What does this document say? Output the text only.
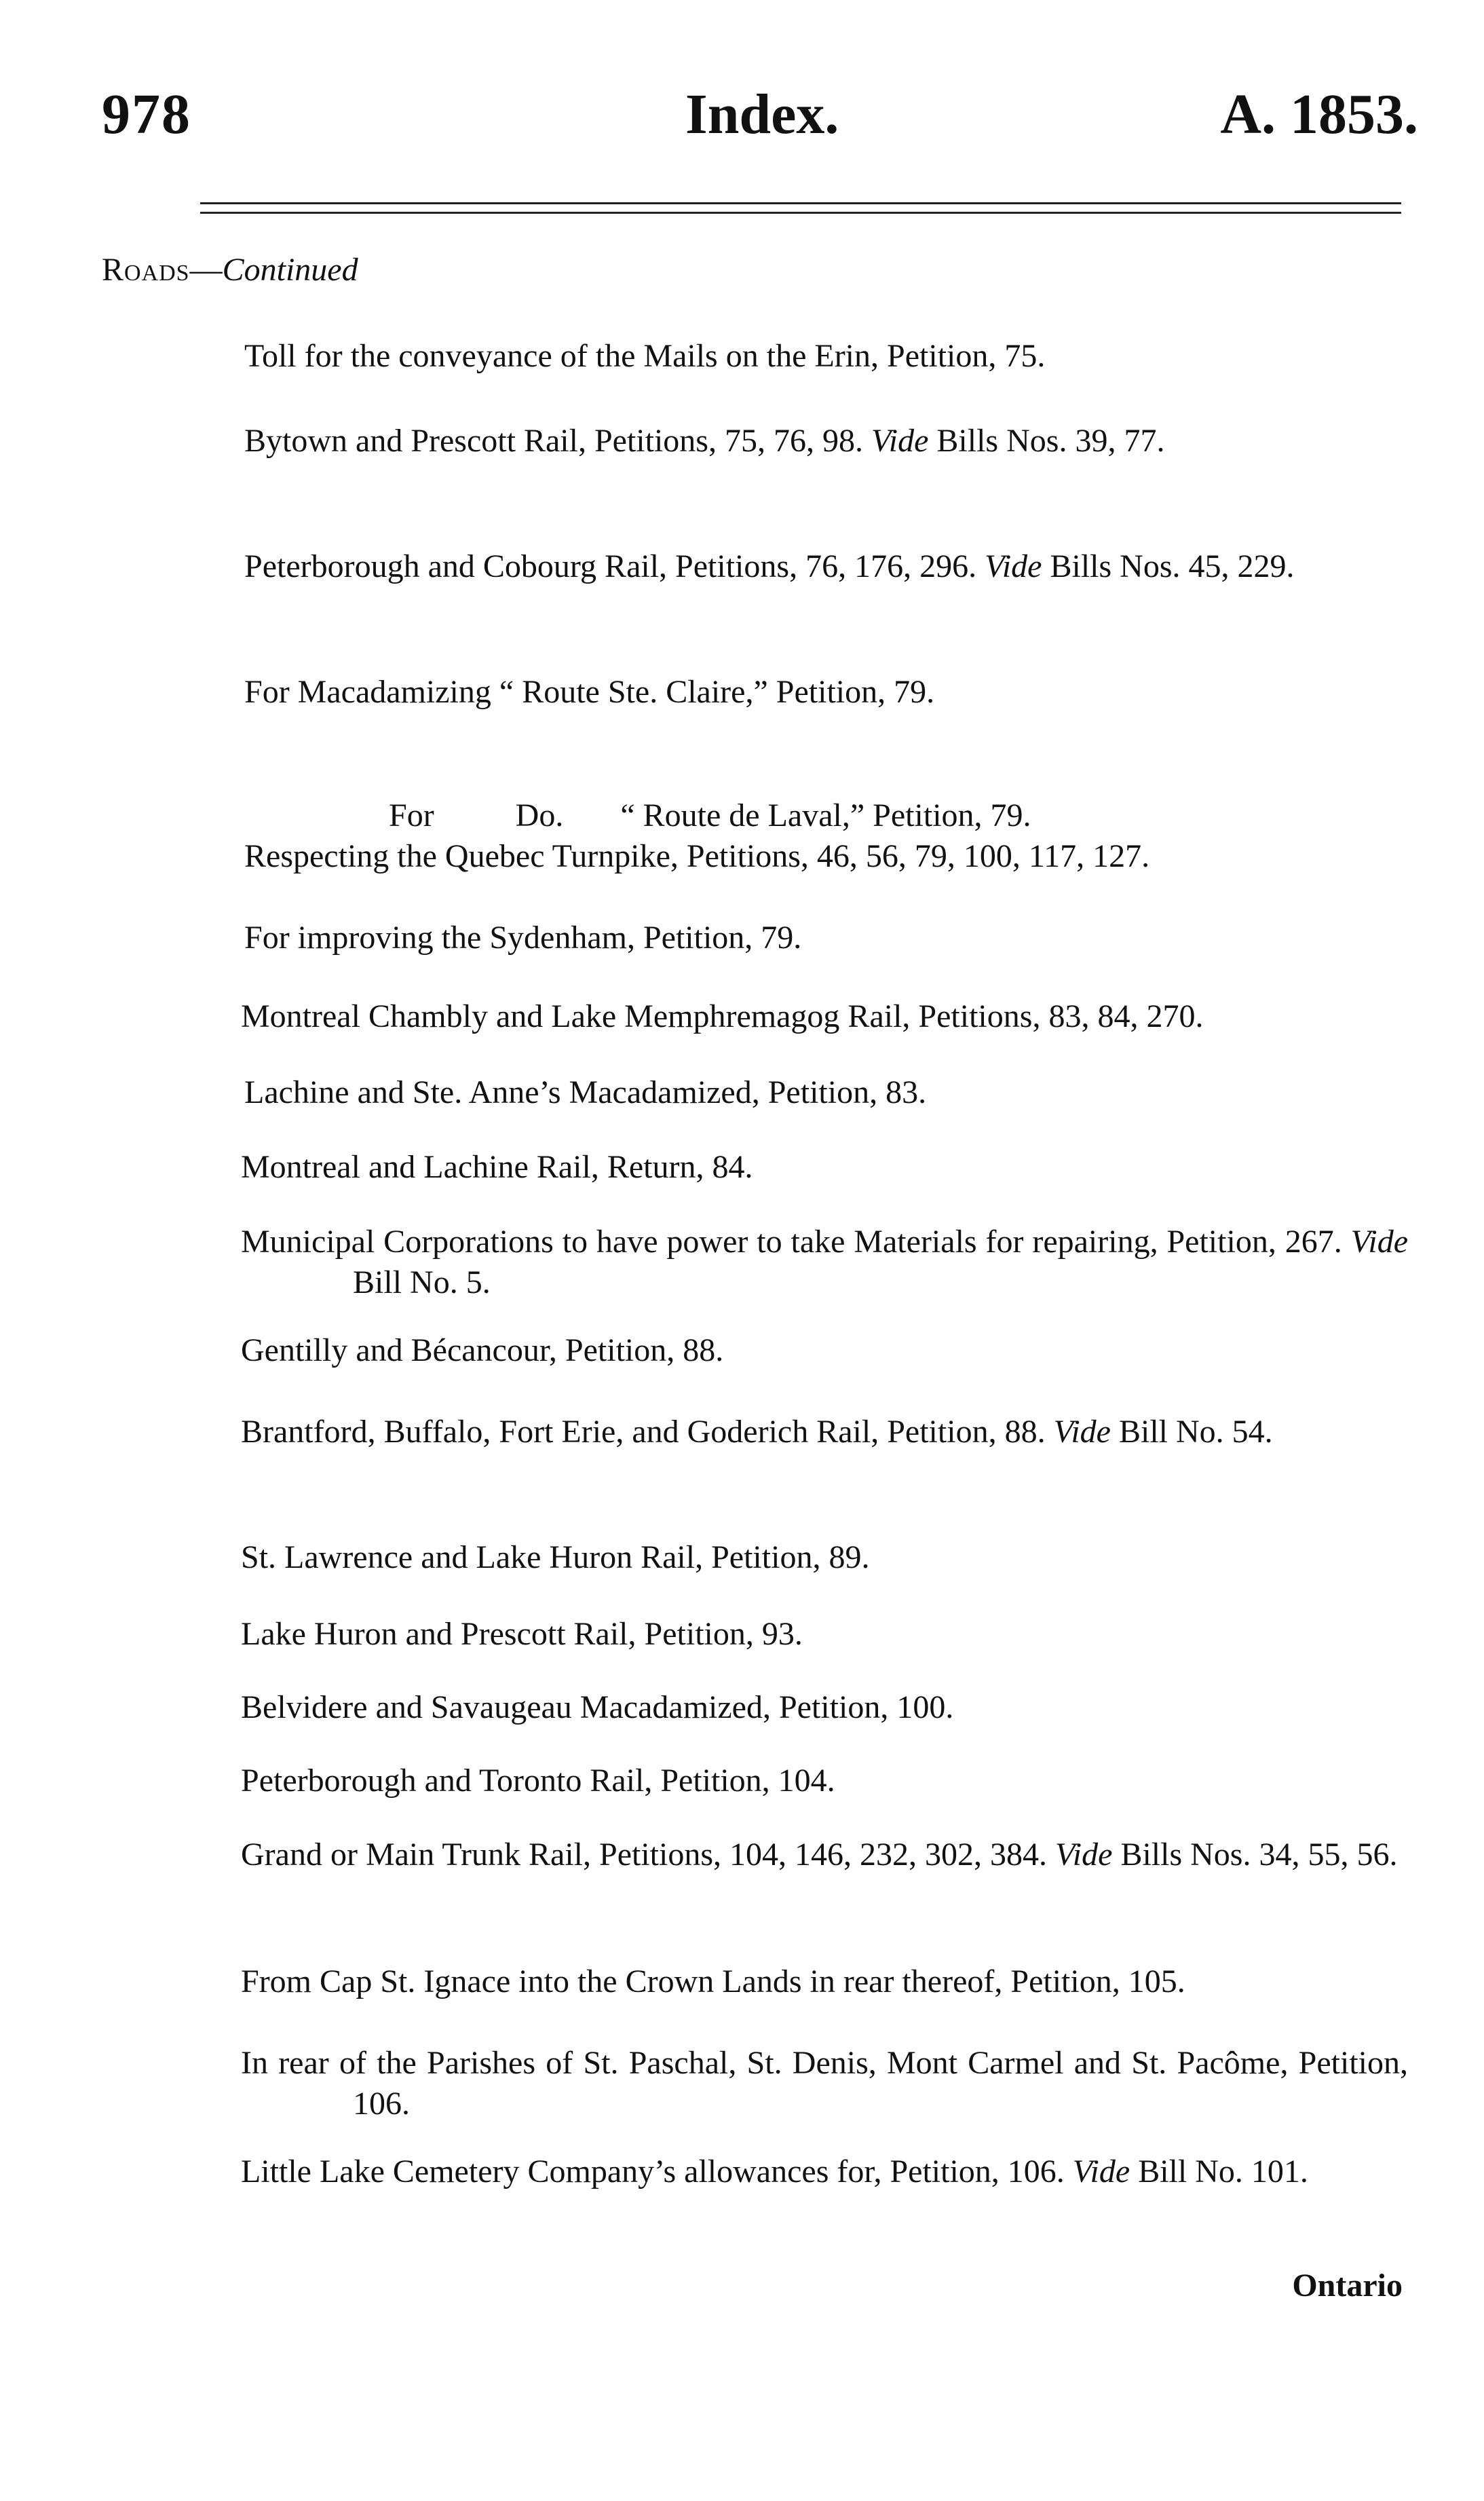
978	Index.	A. 1853.
Roads—Continued
Toll for the conveyance of the Mails on the Erin, Petition, 75.
Bytown and Prescott Rail, Petitions, 75, 76, 98. Vide Bills Nos. 39, 77.
Peterborough and Cobourg Rail, Petitions, 76, 176, 296. Vide Bills Nos. 45, 229.
For Macadamizing “ Route Ste. Claire,” Petition, 79.

For          Do.       “ Route de Laval,” Petition, 79.

Respecting the Quebec Turnpike, Petitions, 46, 56, 79, 100, 117, 127.
For improving the Sydenham, Petition, 79.
Montreal Chambly and Lake Memphremagog Rail, Petitions, 83, 84, 270.
Lachine and Ste. Anne’s Macadamized, Petition, 83.
Montreal and Lachine Rail, Return, 84.
Municipal Corporations to have power to take Materials for repairing, Petition, 267. Vide Bill No. 5.
Gentilly and Bécancour, Petition, 88.
Brantford, Buffalo, Fort Erie, and Goderich Rail, Petition, 88. Vide Bill No. 54.
St. Lawrence and Lake Huron Rail, Petition, 89.
Lake Huron and Prescott Rail, Petition, 93.
Belvidere and Savaugeau Macadamized, Petition, 100.
Peterborough and Toronto Rail, Petition, 104.
Grand or Main Trunk Rail, Petitions, 104, 146, 232, 302, 384. Vide Bills Nos. 34, 55, 56.
From Cap St. Ignace into the Crown Lands in rear thereof, Petition, 105.
In rear of the Parishes of St. Paschal, St. Denis, Mont Carmel and St. Pacôme, Petition, 106.
Little Lake Cemetery Company’s allowances for, Petition, 106. Vide Bill No. 101.
Ontario
